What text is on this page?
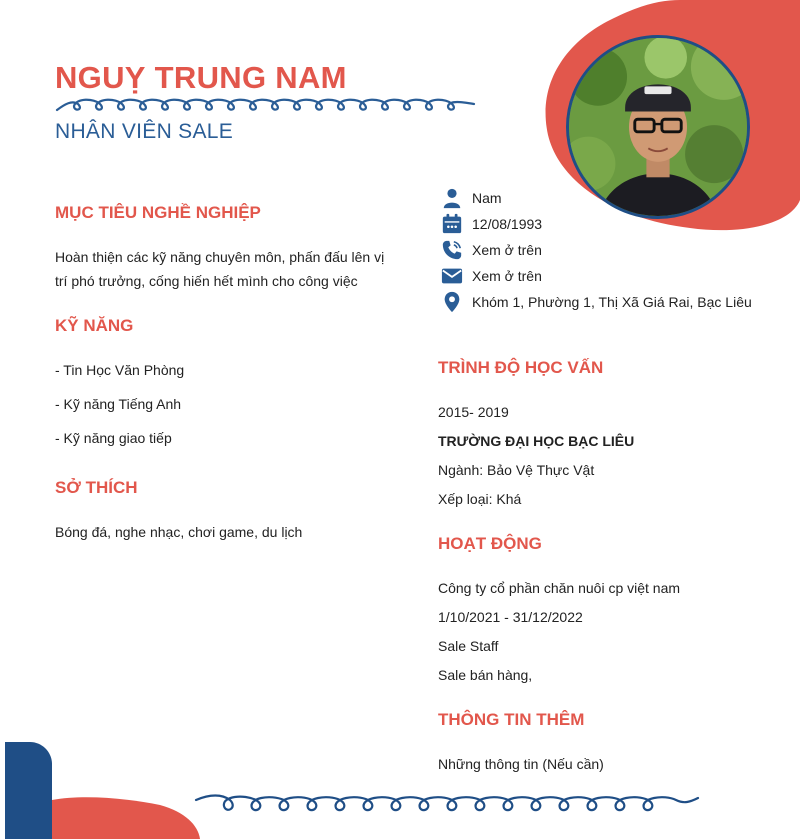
NGUỴ TRUNG NAM
NHÂN VIÊN SALE
Nam
12/08/1993
Xem ở trên
Xem ở trên
Khóm 1, Phường 1, Thị Xã Giá Rai, Bạc Liêu
MỤC TIÊU NGHỀ NGHIỆP
Hoàn thiện các kỹ năng chuyên môn, phấn đấu lên vị
trí phó trưởng, cống hiến hết mình cho công việc
KỸ NĂNG
- Tin Học Văn Phòng
- Kỹ năng Tiếng Anh
- Kỹ năng giao tiếp
SỞ THÍCH
Bóng đá, nghe nhạc, chơi game, du lịch
TRÌNH ĐỘ HỌC VẤN
2015- 2019
TRƯỜNG ĐẠI HỌC BẠC LIÊU
Ngành: Bảo Vệ Thực Vật
Xếp loại: Khá
HOẠT ĐỘNG
Công ty cổ phần chăn nuôi cp việt nam
1/10/2021 - 31/12/2022
Sale Staff
Sale bán hàng,
THÔNG TIN THÊM
Những thông tin (Nếu cần)
